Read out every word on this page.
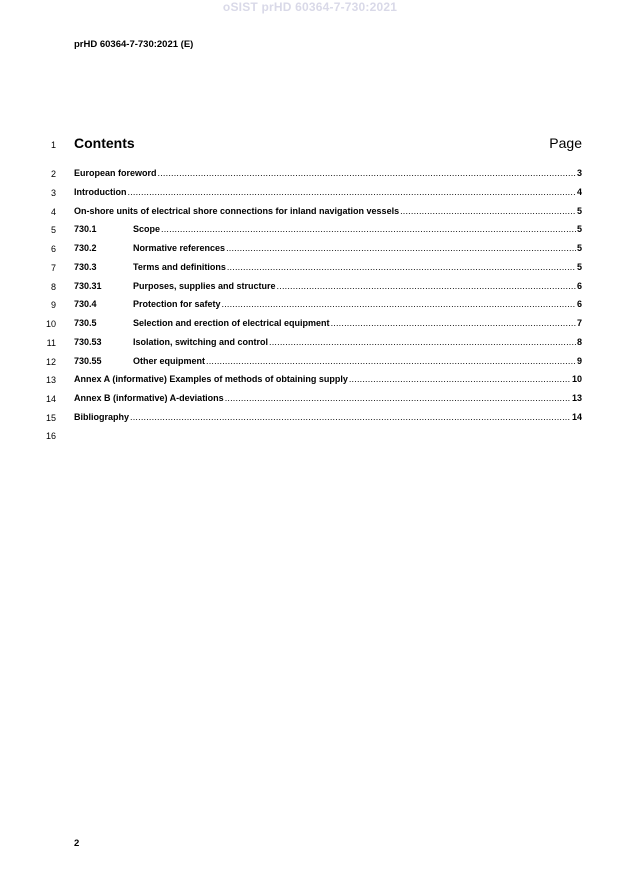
oSIST prHD 60364-7-730:2021
prHD 60364-7-730:2021 (E)
1 Contents	Page
2 European foreword .....	3
3 Introduction .....	4
4 On-shore units of electrical shore connections for inland navigation vessels .....	5
5 730.1	Scope .....	5
6 730.2	Normative references .....	5
7 730.3	Terms and definitions .....	5
8 730.31	Purposes, supplies and structure .....	6
9 730.4	Protection for safety .....	6
10 730.5	Selection and erection of electrical equipment .....	7
11 730.53	Isolation, switching and control .....	8
12 730.55	Other equipment .....	9
13 Annex A (informative) Examples of methods of obtaining supply .....	10
14 Annex B (informative) A-deviations .....	13
15 Bibliography .....	14
16
2
